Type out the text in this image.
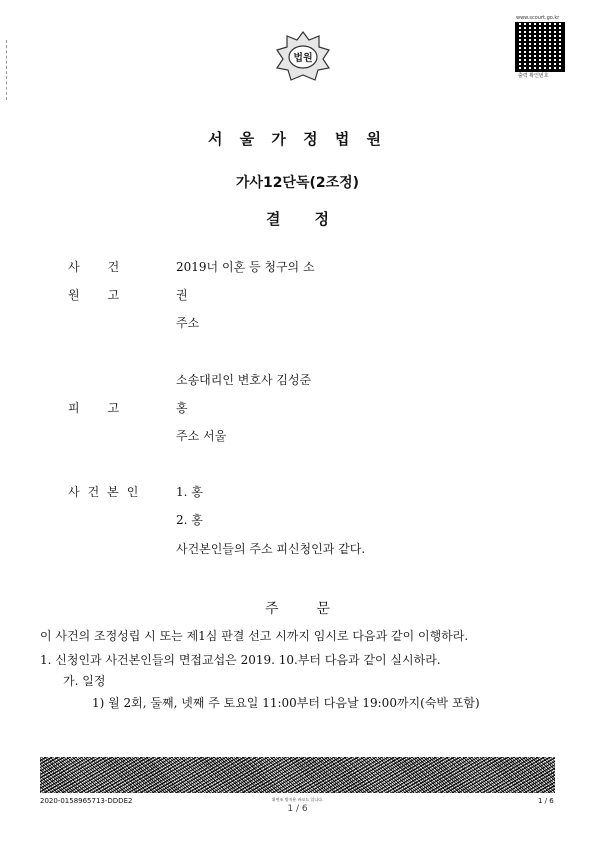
법원
www.scourt.go.kr
출력 확인번호
서 울 가 정 법 원
가사12단독(2조정)
결정
사건 2019너 이혼 등 청구의 소
원고 권
주소
소송대리인 변호사 김성준
피고 홍
주소 서울
사건본인 1. 홍
2. 홍
사건본인들의 주소 피신청인과 같다.
주문
이 사건의 조정성립 시 또는 제1심 판결 선고 시까지 임시로 다음과 같이 이행하라.
1. 신청인과 사건본인들의 면접교섭은 2019. 10.부터 다음과 같이 실시하라.
가. 일정
1) 월 2회, 둘째, 넷째 주 토요일 11:00부터 다음날 19:00까지(숙박 포함)
2020-0158965713-DDDE2	위변조 방지용 바코드 입니다.
1 / 6
1 / 6
